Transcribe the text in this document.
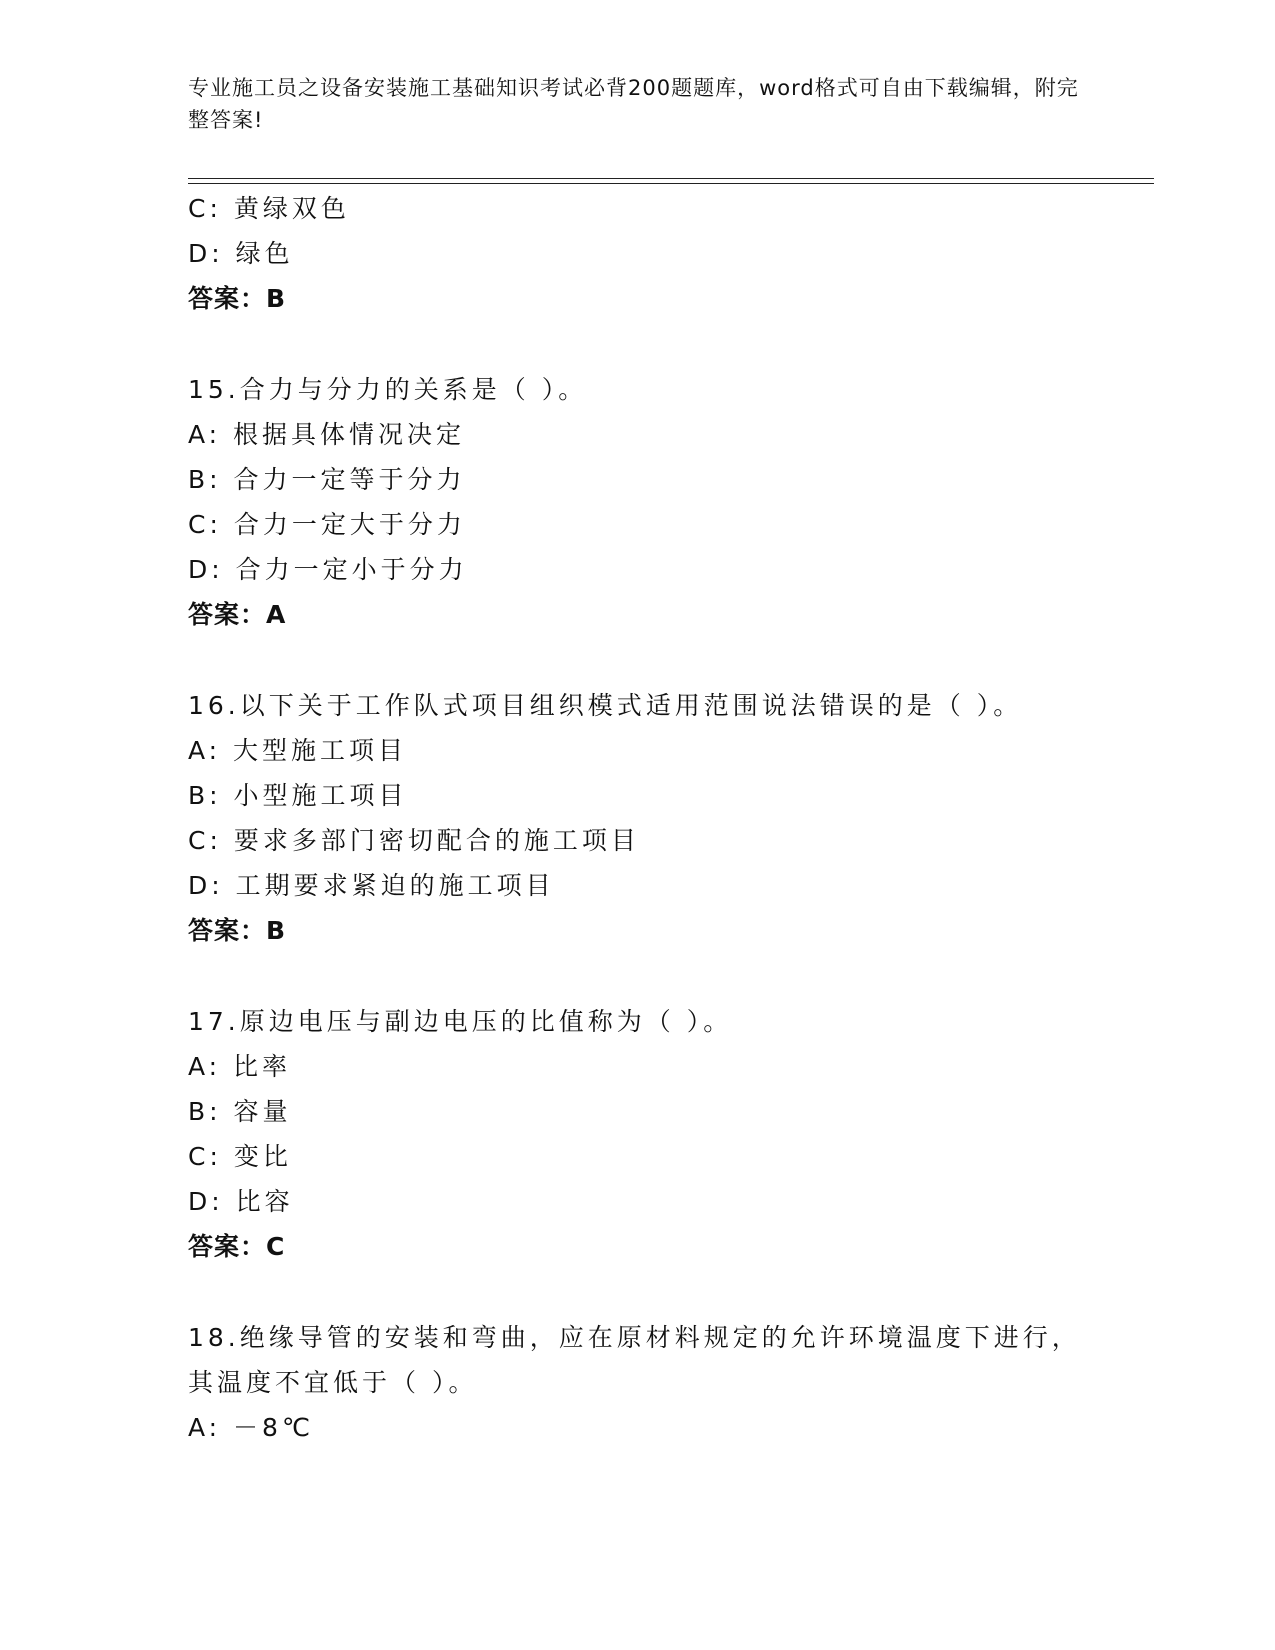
专业施工员之设备安装施工基础知识考试必背200题题库，word格式可自由下载编辑，附完整答案!
C: 黄绿双色
D: 绿色
答案：B
15.合力与分力的关系是（ ）。
A: 根据具体情况决定
B: 合力一定等于分力
C: 合力一定大于分力
D: 合力一定小于分力
答案：A
16.以下关于工作队式项目组织模式适用范围说法错误的是（ ）。
A: 大型施工项目
B: 小型施工项目
C: 要求多部门密切配合的施工项目
D: 工期要求紧迫的施工项目
答案：B
17.原边电压与副边电压的比值称为（ ）。
A: 比率
B: 容量
C: 变比
D: 比容
答案：C
18.绝缘导管的安装和弯曲，应在原材料规定的允许环境温度下进行，
其温度不宜低于（ ）。
A: －8℃
